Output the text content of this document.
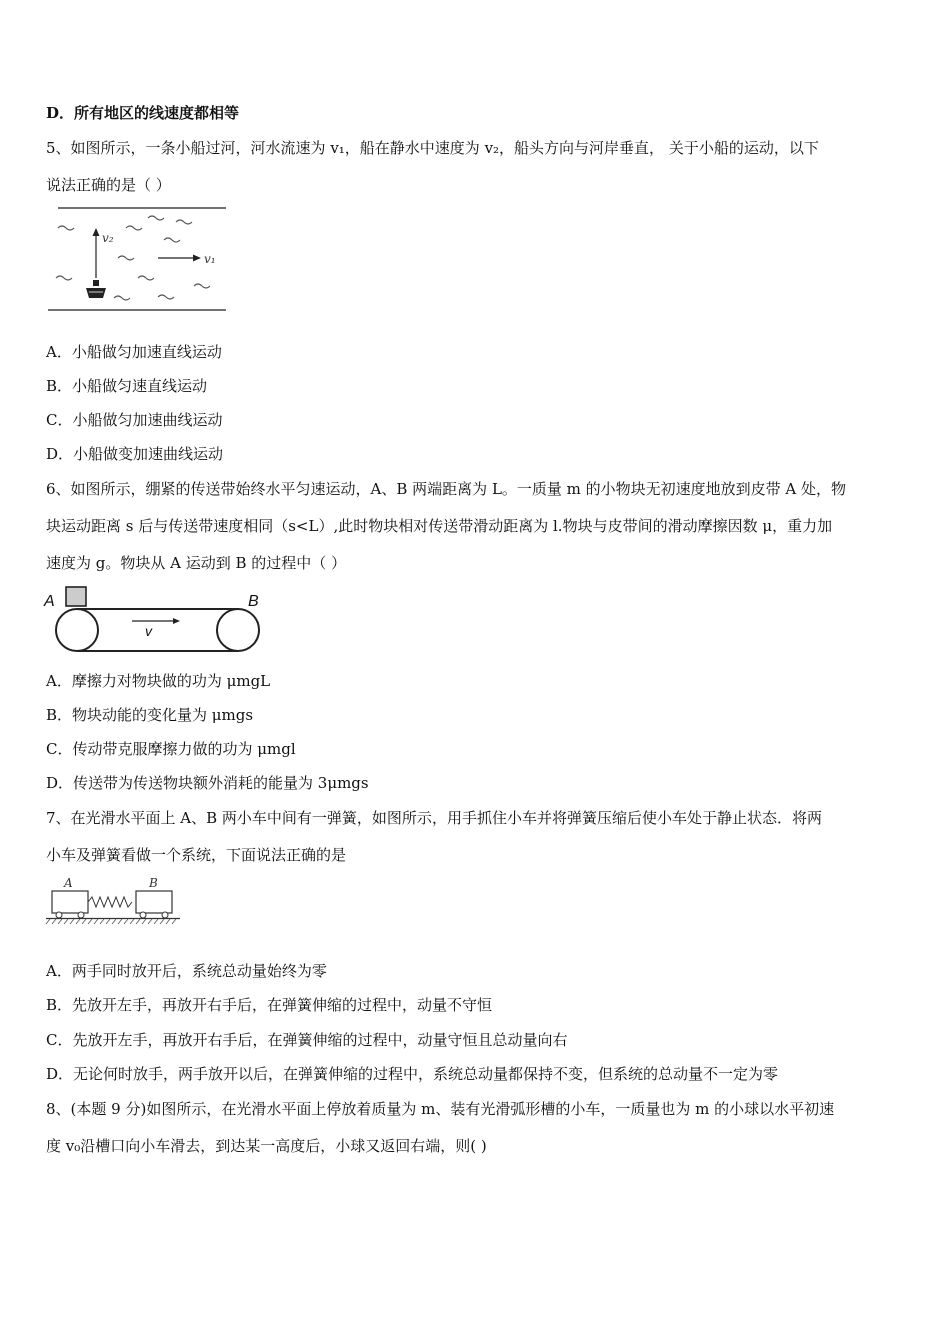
D．所有地区的线速度都相等
5、如图所示，一条小船过河，河水流速为 v₁，船在静水中速度为 v₂，船头方向与河岸垂直， 关于小船的运动，以下
说法正确的是（ ）
v₂
v₁
A．小船做匀加速直线运动
B．小船做匀速直线运动
C．小船做匀加速曲线运动
D．小船做变加速曲线运动
6、如图所示，绷紧的传送带始终水平匀速运动，A、B 两端距离为 L。一质量 m 的小物块无初速度地放到皮带 A 处，物
块运动距离 s 后与传送带速度相同（s<L）,此时物块相对传送带滑动距离为 l.物块与皮带间的滑动摩擦因数 μ，重力加
速度为 g。物块从 A 运动到 B 的过程中（ ）
A	B
v
A．摩擦力对物块做的功为 μmgL
B．物块动能的变化量为 μmgs
C．传动带克服摩擦力做的功为 μmgl
D．传送带为传送物块额外消耗的能量为 3μmgs
7、在光滑水平面上 A、B 两小车中间有一弹簧，如图所示，用手抓住小车并将弹簧压缩后使小车处于静止状态．将两
小车及弹簧看做一个系统，下面说法正确的是
A	B
A．两手同时放开后，系统总动量始终为零
B．先放开左手，再放开右手后，在弹簧伸缩的过程中，动量不守恒
C．先放开左手，再放开右手后，在弹簧伸缩的过程中，动量守恒且总动量向右
D．无论何时放手，两手放开以后，在弹簧伸缩的过程中，系统总动量都保持不变，但系统的总动量不一定为零
8、(本题 9 分)如图所示，在光滑水平面上停放着质量为 m、装有光滑弧形槽的小车，一质量也为 m 的小球以水平初速
度 v₀沿槽口向小车滑去，到达某一高度后，小球又返回右端，则( )
